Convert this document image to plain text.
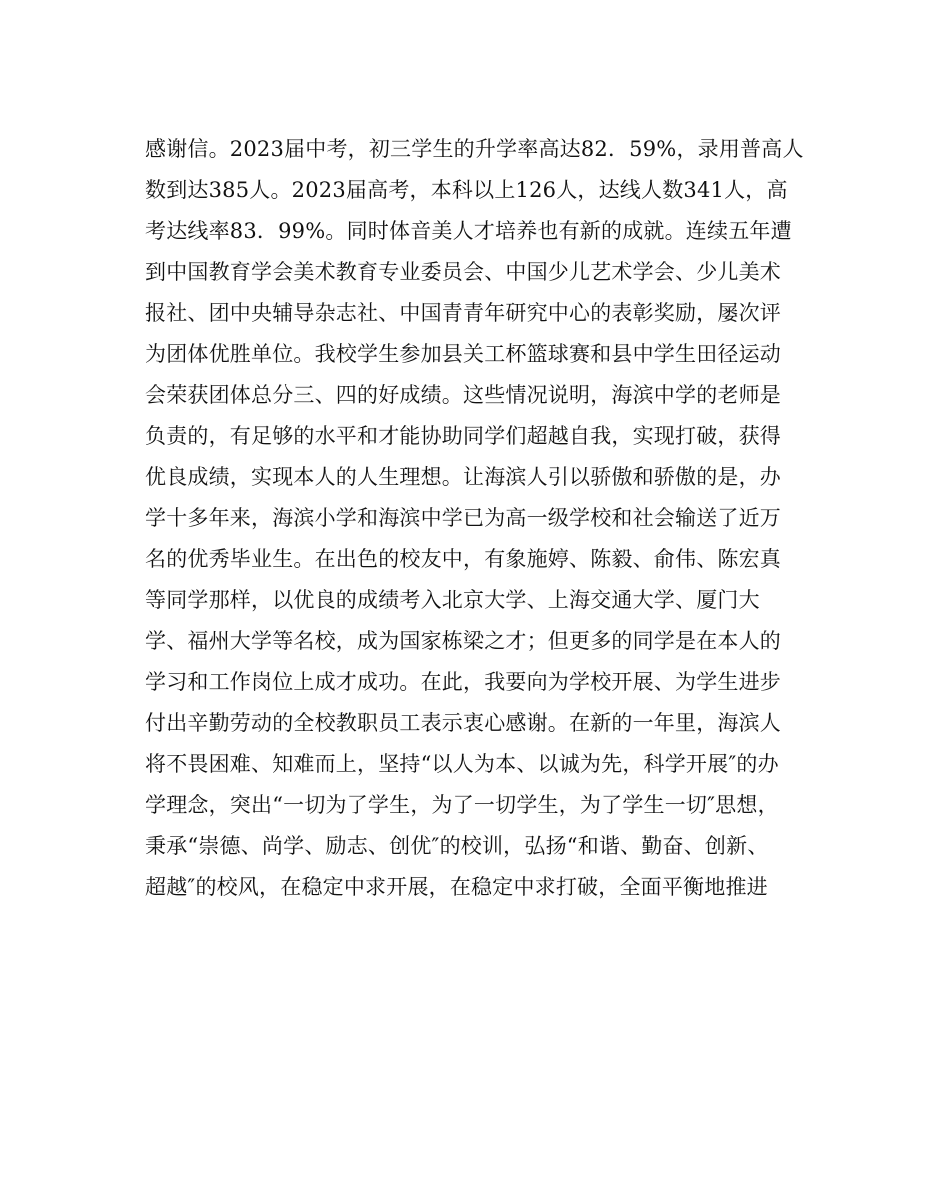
感谢信。2023届中考，初三学生的升学率高达82．59%，录用普高人
数到达385人。2023届高考，本科以上126人，达线人数341人，高
考达线率83．99%。同时体音美人才培养也有新的成就。连续五年遭
到中国教育学会美术教育专业委员会、中国少儿艺术学会、少儿美术
报社、团中央辅导杂志社、中国青青年研究中心的表彰奖励，屡次评
为团体优胜单位。我校学生参加县关工杯篮球赛和县中学生田径运动
会荣获团体总分三、四的好成绩。这些情况说明，海滨中学的老师是
负责的，有足够的水平和才能协助同学们超越自我，实现打破，获得
优良成绩，实现本人的人生理想。让海滨人引以骄傲和骄傲的是，办
学十多年来，海滨小学和海滨中学已为高一级学校和社会输送了近万
名的优秀毕业生。在出色的校友中，有象施婷、陈毅、俞伟、陈宏真
等同学那样，以优良的成绩考入北京大学、上海交通大学、厦门大
学、福州大学等名校，成为国家栋梁之才；但更多的同学是在本人的
学习和工作岗位上成才成功。在此，我要向为学校开展、为学生进步
付出辛勤劳动的全校教职员工表示衷心感谢。在新的一年里，海滨人
将不畏困难、知难而上，坚持“以人为本、以诚为先，科学开展″的办
学理念，突出“一切为了学生，为了一切学生，为了学生一切″思想，
秉承“崇德、尚学、励志、创优″的校训，弘扬“和谐、勤奋、创新、
超越″的校风，在稳定中求开展，在稳定中求打破，全面平衡地推进
